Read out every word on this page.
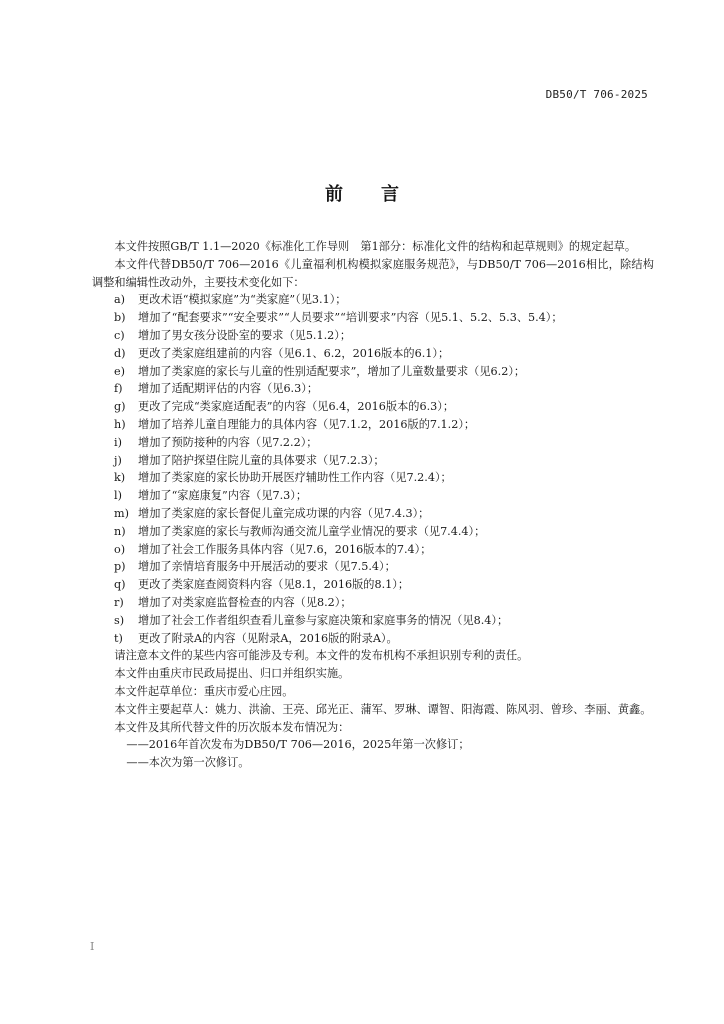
DB50/T 706-2025
前言

本文件按照GB/T 1.1—2020《标准化工作导则　第1部分：标准化文件的结构和起草规则》的规定起草。

本文件代替DB50/T 706—2016《儿童福利机构模拟家庭服务规范》，与DB50/T 706—2016相比，除结构调整和编辑性改动外，主要技术变化如下：

a)	更改术语“模拟家庭”为“类家庭”（见3.1）；
b)	增加了“配套要求”“安全要求”“人员要求”“培训要求”内容（见5.1、5.2、5.3、5.4）；
c)	增加了男女孩分设卧室的要求（见5.1.2）；
d)	更改了类家庭组建前的内容（见6.1、6.2，2016版本的6.1）；
e)	增加了类家庭的家长与儿童的性别适配要求”，增加了儿童数量要求（见6.2）；
f)	增加了适配期评估的内容（见6.3）；
g)	更改了完成“类家庭适配表”的内容（见6.4，2016版本的6.3）；
h)	增加了培养儿童自理能力的具体内容（见7.1.2，2016版的7.1.2）；
i)	增加了预防接种的内容（见7.2.2）；
j)	增加了陪护探望住院儿童的具体要求（见7.2.3）；
k)	增加了类家庭的家长协助开展医疗辅助性工作内容（见7.2.4）；
l)	增加了“家庭康复”内容（见7.3）；
m) 增加了类家庭的家长督促儿童完成功课的内容（见7.4.3）；
n)	增加了类家庭的家长与教师沟通交流儿童学业情况的要求（见7.4.4）；
o)	增加了社会工作服务具体内容（见7.6，2016版本的7.4）；
p)	增加了亲情培育服务中开展活动的要求（见7.5.4）；
q)	更改了类家庭查阅资料内容（见8.1，2016版的8.1）；
r)	增加了对类家庭监督检查的内容（见8.2）；
s)	增加了社会工作者组织查看儿童参与家庭决策和家庭事务的情况（见8.4）；
t)	更改了附录A的内容（见附录A，2016版的附录A）。

请注意本文件的某些内容可能涉及专利。本文件的发布机构不承担识别专利的责任。

本文件由重庆市民政局提出、归口并组织实施。

本文件起草单位：重庆市爱心庄园。

本文件主要起草人：姚力、洪渝、王亮、邱光正、蒲军、罗琳、谭智、阳海霞、陈风羽、曾珍、李丽、黄鑫。

本文件及其所代替文件的历次版本发布情况为：

——2016年首次发布为DB50/T 706—2016，2025年第一次修订；

——本次为第一次修订。

I
